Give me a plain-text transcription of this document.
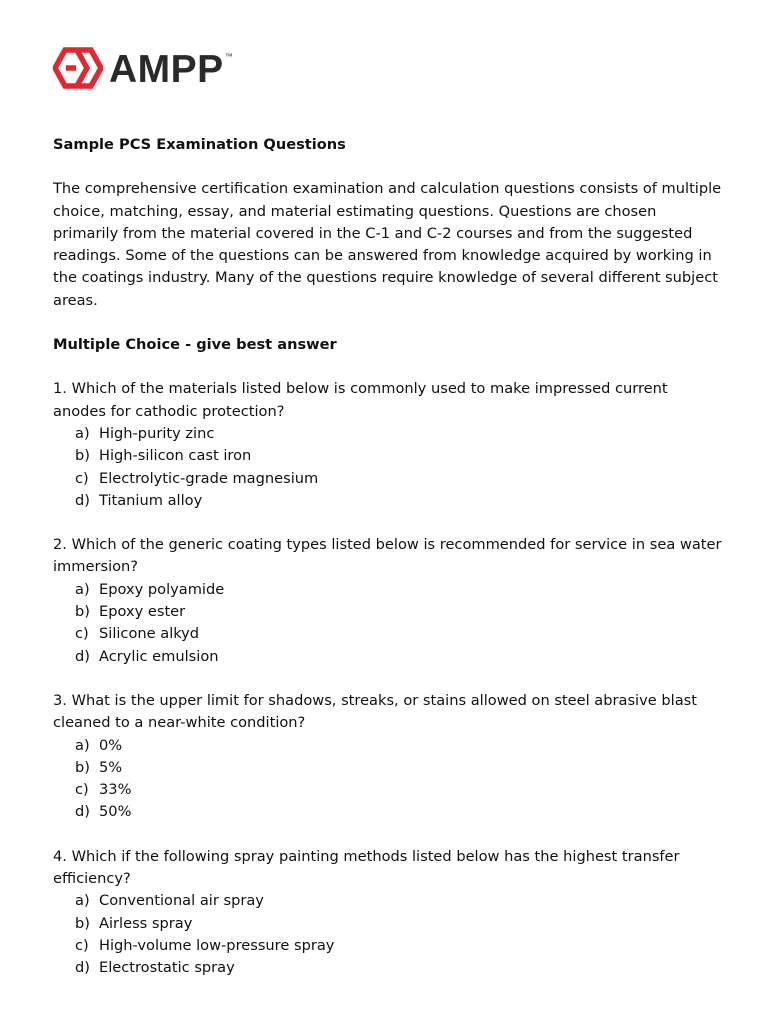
AMPP ™

Sample PCS Examination Questions

The comprehensive certification examination and calculation questions consists of multiple choice, matching, essay, and material estimating questions. Questions are chosen primarily from the material covered in the C-1 and C-2 courses and from the suggested readings. Some of the questions can be answered from knowledge acquired by working in the coatings industry. Many of the questions require knowledge of several different subject areas.

Multiple Choice - give best answer

1. Which of the materials listed below is commonly used to make impressed current anodes for cathodic protection?

a) High-purity zinc
b) High-silicon cast iron
c) Electrolytic-grade magnesium
d) Titanium alloy

2. Which of the generic coating types listed below is recommended for service in sea water immersion?

a) Epoxy polyamide
b) Epoxy ester
c) Silicone alkyd
d) Acrylic emulsion

3. What is the upper limit for shadows, streaks, or stains allowed on steel abrasive blast cleaned to a near-white condition?

a) 0%
b) 5%
c) 33%
d) 50%

4. Which if the following spray painting methods listed below has the highest transfer efficiency?

a) Conventional air spray
b) Airless spray
c) High-volume low-pressure spray
d) Electrostatic spray
